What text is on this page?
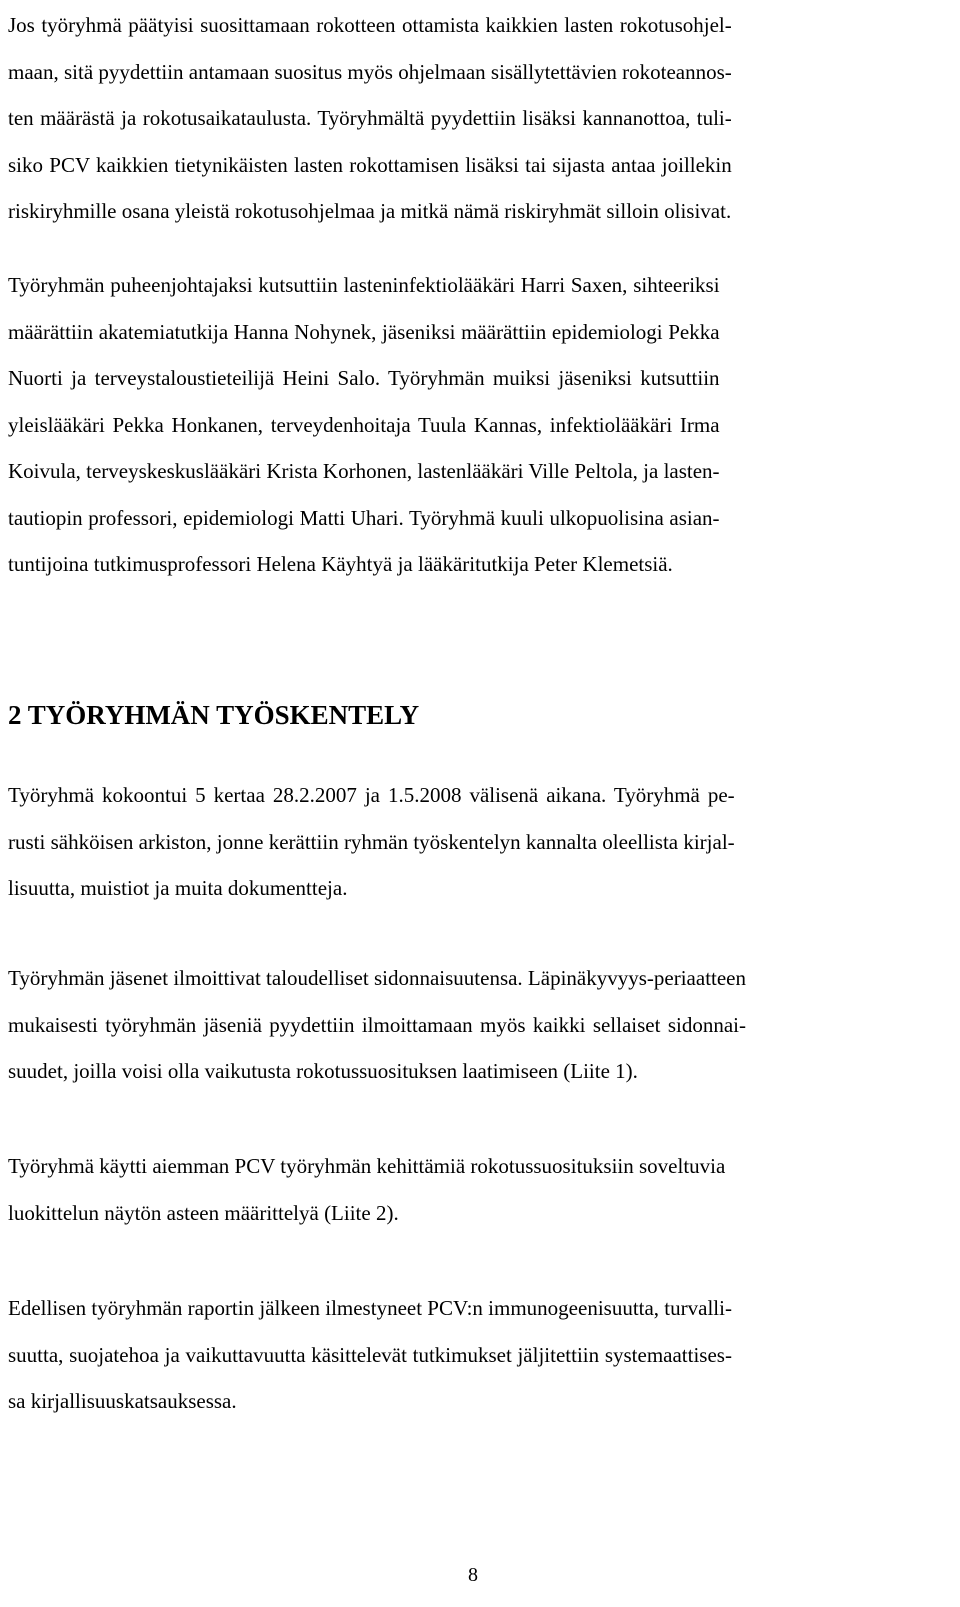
Jos työryhmä päätyisi suosittamaan rokotteen ottamista kaikkien lasten rokotusohjel-
maan, sitä pyydettiin antamaan suositus myös ohjelmaan sisällytettävien rokoteannos-
ten määrästä ja rokotusaikataulusta. Työryhmältä pyydettiin lisäksi kannanottoa, tuli-
siko PCV kaikkien tietynikäisten lasten rokottamisen lisäksi tai sijasta antaa joillekin
riskiryhmille osana yleistä rokotusohjelmaa ja mitkä nämä riskiryhmät silloin olisivat.

Työryhmän puheenjohtajaksi kutsuttiin lasteninfektiolääkäri Harri Saxen, sihteeriksi
määrättiin akatemiatutkija Hanna Nohynek, jäseniksi määrättiin epidemiologi Pekka
Nuorti ja terveystaloustieteilijä Heini Salo. Työryhmän muiksi jäseniksi kutsuttiin
yleislääkäri Pekka Honkanen, terveydenhoitaja Tuula Kannas, infektiolääkäri Irma
Koivula, terveyskeskuslääkäri Krista Korhonen, lastenlääkäri Ville Peltola, ja lasten-
tautiopin professori, epidemiologi Matti Uhari. Työryhmä kuuli ulkopuolisina asian-
tuntijoina tutkimusprofessori Helena Käyhtyä ja lääkäritutkija Peter Klemetsiä.

Työryhmä kokoontui 5 kertaa 28.2.2007 ja 1.5.2008 välisenä aikana. Työryhmä pe-
rusti sähköisen arkiston, jonne kerättiin ryhmän työskentelyn kannalta oleellista kirjal-
lisuutta, muistiot ja muita dokumentteja.

Työryhmän jäsenet ilmoittivat taloudelliset sidonnaisuutensa. Läpinäkyvyys-periaatteen
mukaisesti työryhmän jäseniä pyydettiin ilmoittamaan myös kaikki sellaiset sidonnai-
suudet, joilla voisi olla vaikutusta rokotussuosituksen laatimiseen (Liite 1).

Työryhmä käytti aiemman PCV työryhmän kehittämiä rokotussuosituksiin soveltuvia
luokittelun näytön asteen määrittelyä (Liite 2).

Edellisen työryhmän raportin jälkeen ilmestyneet PCV:n immunogeenisuutta, turvalli-
suutta, suojatehoa ja vaikuttavuutta käsittelevät tutkimukset jäljitettiin systemaattises-
sa kirjallisuuskatsauksessa.

2 TYÖRYHMÄN TYÖSKENTELY
8
